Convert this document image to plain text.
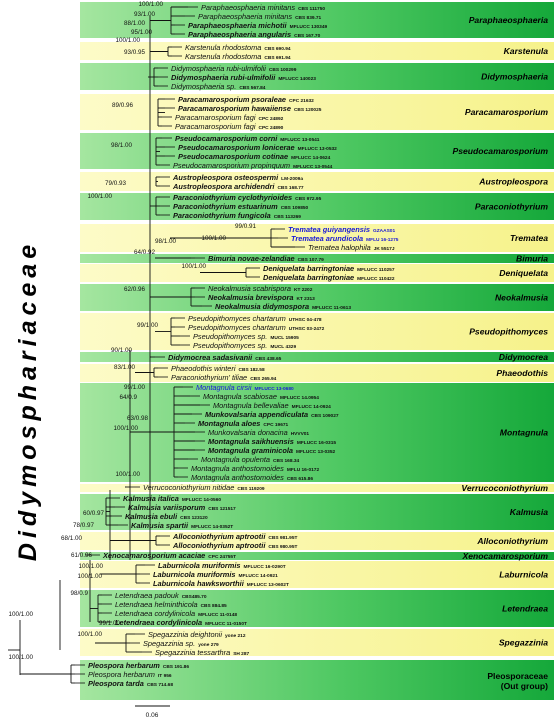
100/1.00
93/1.00
88/1.00
95/1.00
100/1.00
93/0.95
89/0.96
98/1.00
79/0.93
100/1.00
99/0.91
100/1.00
98/1.00
64/0.92
100/1.00
62/0.96
99/1.00
90/1.00
83/1.00
99/1.00
64/0.9
63/0.98
100/1.00
100/1.00
60/0.97
78/0.97
68/1.00
61/0.96
100/1.00
100/1.00
98/0.9
100/1.00
99/1.00
100/1.00
100/1.00
Paraphaeosphaeria minitans CBS 111750
Paraphaeosphaeria minitans CBS 839.71
Paraphaeosphaeria michotii MFLUCC 130349
Paraphaeosphaeria angularis CBS 167.70
Karstenula rhodostoma CBS 690.94
Karstenula rhodostoma CBS 691.94
Didymosphaeria rubi-ulmifolii CBS 100299
Didymosphaeria rubi-ulmifolii MFLUCC 140023
Didymosphaeria sp. CBS 567.84
Paracamarosporium psoraleae CPC 21632
Paracamarosporium hawaiiense CBS 120025
Paracamarosporium fagi CPC 24892
Paracamarosporium fagi CPC 24890
Pseudocamarosporium corni MFLUCC 13-0541
Pseudocamarosporium lonicerae MFLUCC 13-0532
Pseudocamarosporium cotinae MFLUCC 14-0624
Pseudocamarosporium propinquum MFLUCC 13-0544
Austropleospora osteospermi LM-2009a
Austropleospora archidendri CBS 168.77
Paraconiothyrium cyclothyrioides CBS 972.95
Paraconiothyrium estuarinum CBS 109850
Paraconiothyrium fungicola CBS 113269
Trematea guiyangensis GZAAS01
Trematea arundicola MFLU 16-1275
Trematea halophila JK 5517J
Bimuria novae-zelandiae CBS 107.79
Deniquelata barringtoniae MFLUCC 110257
Deniquelata barringtoniae MFLUCC 110422
Neokalmusia scabrispora KT 2202
Neokalmusia brevispora KT 2313
Neokalmusia didymospora MFLUCC 11-0613
Pseudopithomyces chartarum UTHSC 04-478
Pseudopithomyces chartarum UTHSC 03-2472
Pseudopithomyces sp. MUCL 15905
Pseudopithomyces sp. MUCL 4329
Didymocrea sadasivanii CBS 438.65
Phaeodothis winteri CBS 182.58
Paraconiothyrium' tiliae CBS 265.94
Montagnula cirsii MFLUCC 13-0680
Montagnula scabiosae MFLUCC 14.0954
Montagnula bellevaliae MFLUCC 14-0924
Munkovalsaria appendiculata CBS 109027
Montagnula aloes CPC 19671
Munkovalsaria donacina HVVV01
Montagnula saikhuensis MFLUCC 16-0315
Montagnula graminicola MFLUCC 13-0352
Montagnula opulenta CBS 168.34
Montagnula anthostomoides MFLU 16-0172
Montagnula anthostomoides CBS 615.86
Verrucoconiothyrium nitidae CBS 119209
Kalmusia italica MFLUCC 14-0560
Kalmusia variisporum CBS 121517
Kalmusia ebuli CBS 123120
Kalmusia spartii MFLUCC 14-0352T
Alloconiothyrium aptrootii CBS 981.95T
Alloconiothyrium aptrootii CBS 980.95T
Xenocamarosporium acaciae CPC 24755T
Laburnicola muriformis MFLUCC 16-0290T
Laburnicola muriformis MFLUCC 14-0921
Laburnicola hawksworthii MFLUCC 13-0602T
Letendraea padouk CBS485.70
Letendraea helminthicola CBS 884.85
Letendraea cordylinicola MFLUCC 11-0148
Letendraea cordylinicola MFLUCC 11-0150T
Spegazzinia deightonii yone 212
Spegazzinia sp. yone 279
Spegazzinia tessarthra SH 287
Pleospora herbarum CBS 191.86
Pleospora herbarum IT 956
Pleospora tarda CBS 714.68
Paraphaeosphaeria
Karstenula
Didymosphaeria
Paracamarosporium
Pseudocamarosporium
Austropleospora
Paraconiothyrium
Trematea
Bimuria
Deniquelata
Neokalmusia
Pseudopithomyces
Didymocrea
Phaeodothis
Montagnula
Verrucoconiothyrium
Kalmusia
Alloconiothyrium
Xenocamarosporium
Laburnicola
Letendraea
Spegazzinia
Pleosporaceae
(Out group)
0.06
Didymosphariaceae
